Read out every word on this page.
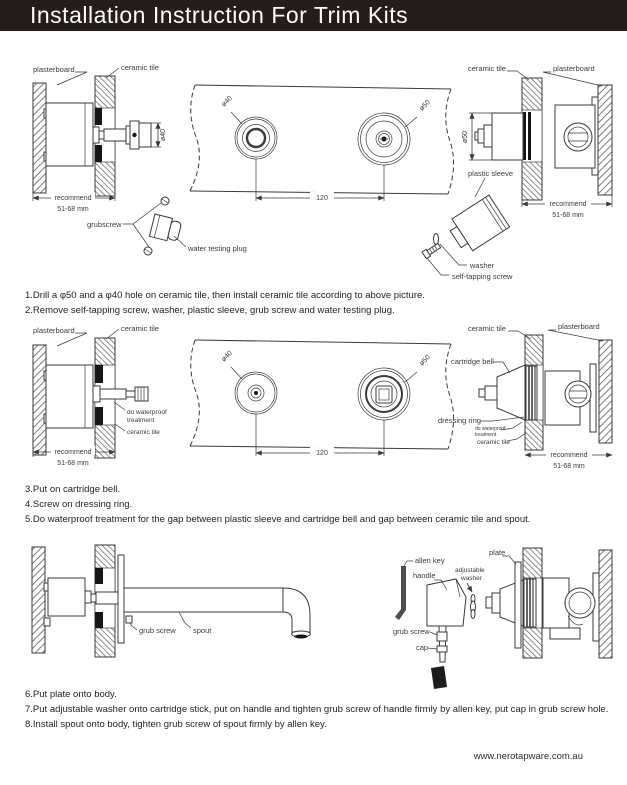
Installation Instruction For Trim Kits
ø40
recommend
51-68 mm
plasterboard	ceramic tile
grubscrew
water testing plug
ø40	ø50
120
ø50
recommend
51-68 mm
ceramic tile	plasterboard
plastic sleeve
washer
self-tapping screw
1.Drill a φ50 and a φ40 hole on ceramic tile, then install ceramic tile according to above picture.
2.Remove self-tapping screw, washer, plastic sleeve, grub screw and water testing plug.
do waterproof
treatment
ceramic tile
recommend
51-68 mm
plasterboard	ceramic tile
ø40	ø50
120
cartridge bell
dressing ring
do waterproof
treatment
ceramic tile
ceramic tile	plasterboard
recommend
51-68 mm
3.Put on cartridge bell.
4.Screw on dressing ring.
5.Do waterproof treatment for the gap between plastic sleeve and cartridge bell and gap between ceramic tile and spout.
grub screw spout
allen key
handle
grub screw
cap
adjustable
washer
plate
6.Put plate onto body.
7.Put adjustable washer onto cartridge stick, put on handle and tighten grub screw of handle firmly by allen key, put cap in grub screw hole.
8.Install spout onto body, tighten grub screw of spout firmly by allen key.
www.nerotapware.com.au
